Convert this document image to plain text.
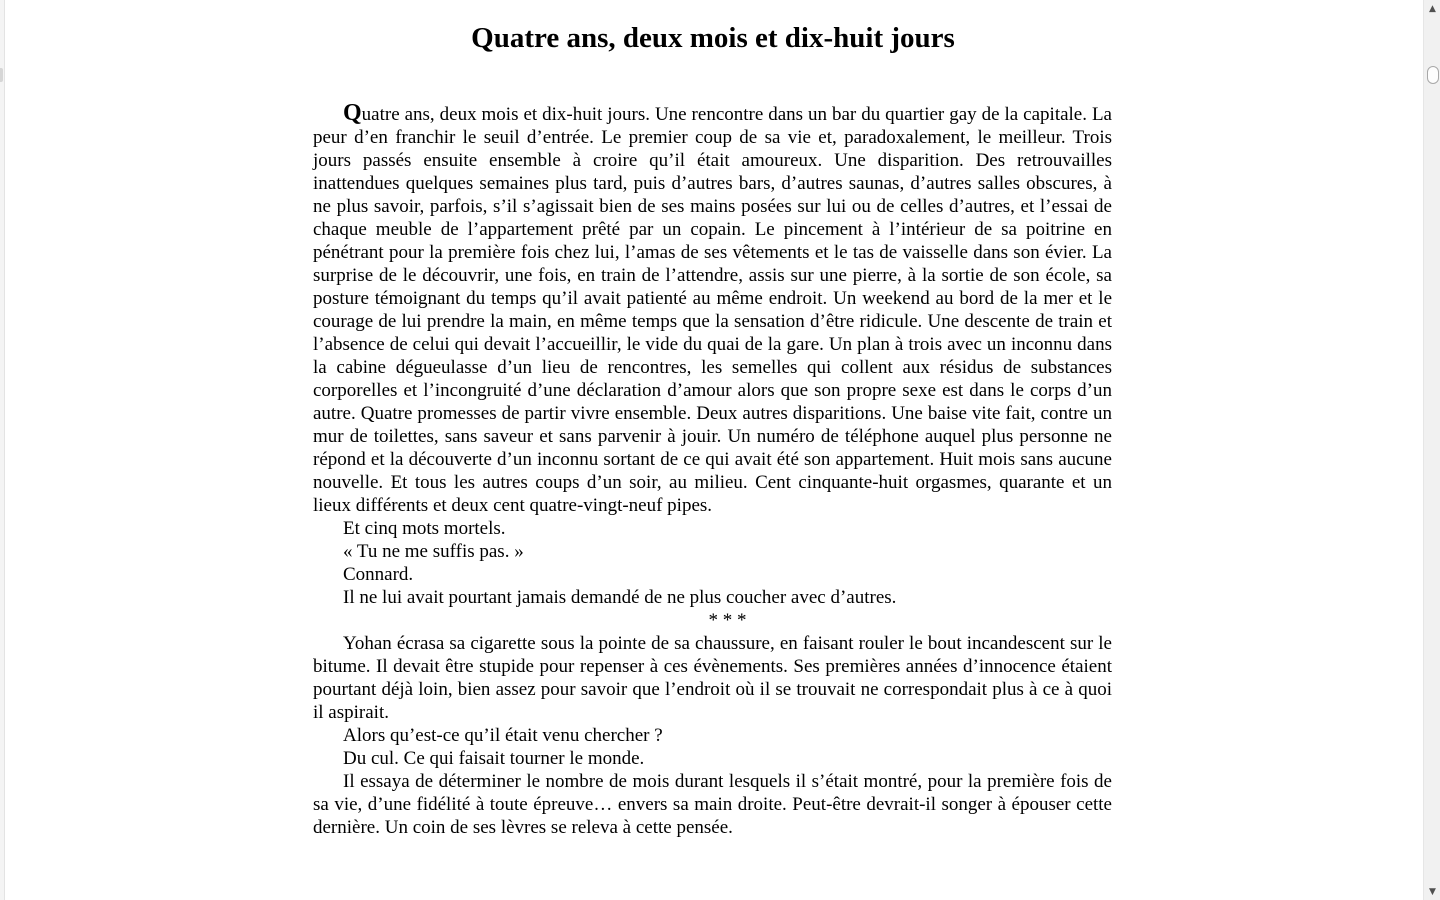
Quatre ans, deux mois et dix-huit jours

Quatre ans, deux mois et dix-huit jours. Une rencontre dans un bar du quartier gay de la capitale. La peur d’en franchir le seuil d’entrée. Le premier coup de sa vie et, paradoxalement, le meilleur. Trois jours passés ensuite ensemble à croire qu’il était amoureux. Une disparition. Des retrouvailles inattendues quelques semaines plus tard, puis d’autres bars, d’autres saunas, d’autres salles obscures, à ne plus savoir, parfois, s’il s’agissait bien de ses mains posées sur lui ou de celles d’autres, et l’essai de chaque meuble de l’appartement prêté par un copain. Le pincement à l’intérieur de sa poitrine en pénétrant pour la première fois chez lui, l’amas de ses vêtements et le tas de vaisselle dans son évier. La surprise de le découvrir, une fois, en train de l’attendre, assis sur une pierre, à la sortie de son école, sa posture témoignant du temps qu’il avait patienté au même endroit. Un weekend au bord de la mer et le courage de lui prendre la main, en même temps que la sensation d’être ridicule. Une descente de train et l’absence de celui qui devait l’accueillir, le vide du quai de la gare. Un plan à trois avec un inconnu dans la cabine dégueulasse d’un lieu de rencontres, les semelles qui collent aux résidus de substances corporelles et l’incongruité d’une déclaration d’amour alors que son propre sexe est dans le corps d’un autre. Quatre promesses de partir vivre ensemble. Deux autres disparitions. Une baise vite fait, contre un mur de toilettes, sans saveur et sans parvenir à jouir. Un numéro de téléphone auquel plus personne ne répond et la découverte d’un inconnu sortant de ce qui avait été son appartement. Huit mois sans aucune nouvelle. Et tous les autres coups d’un soir, au milieu. Cent cinquante-huit orgasmes, quarante et un lieux différents et deux cent quatre-vingt-neuf pipes.

Et cinq mots mortels.

« Tu ne me suffis pas. »

Connard.

Il ne lui avait pourtant jamais demandé de ne plus coucher avec d’autres.

* * *

Yohan écrasa sa cigarette sous la pointe de sa chaussure, en faisant rouler le bout incandescent sur le bitume. Il devait être stupide pour repenser à ces évènements. Ses premières années d’innocence étaient pourtant déjà loin, bien assez pour savoir que l’endroit où il se trouvait ne correspondait plus à ce à quoi il aspirait.

Alors qu’est-ce qu’il était venu chercher ?

Du cul. Ce qui faisait tourner le monde.

Il essaya de déterminer le nombre de mois durant lesquels il s’était montré, pour la première fois de sa vie, d’une fidélité à toute épreuve… envers sa main droite. Peut-être devrait-il songer à épouser cette dernière. Un coin de ses lèvres se releva à cette pensée.

▲
▼
